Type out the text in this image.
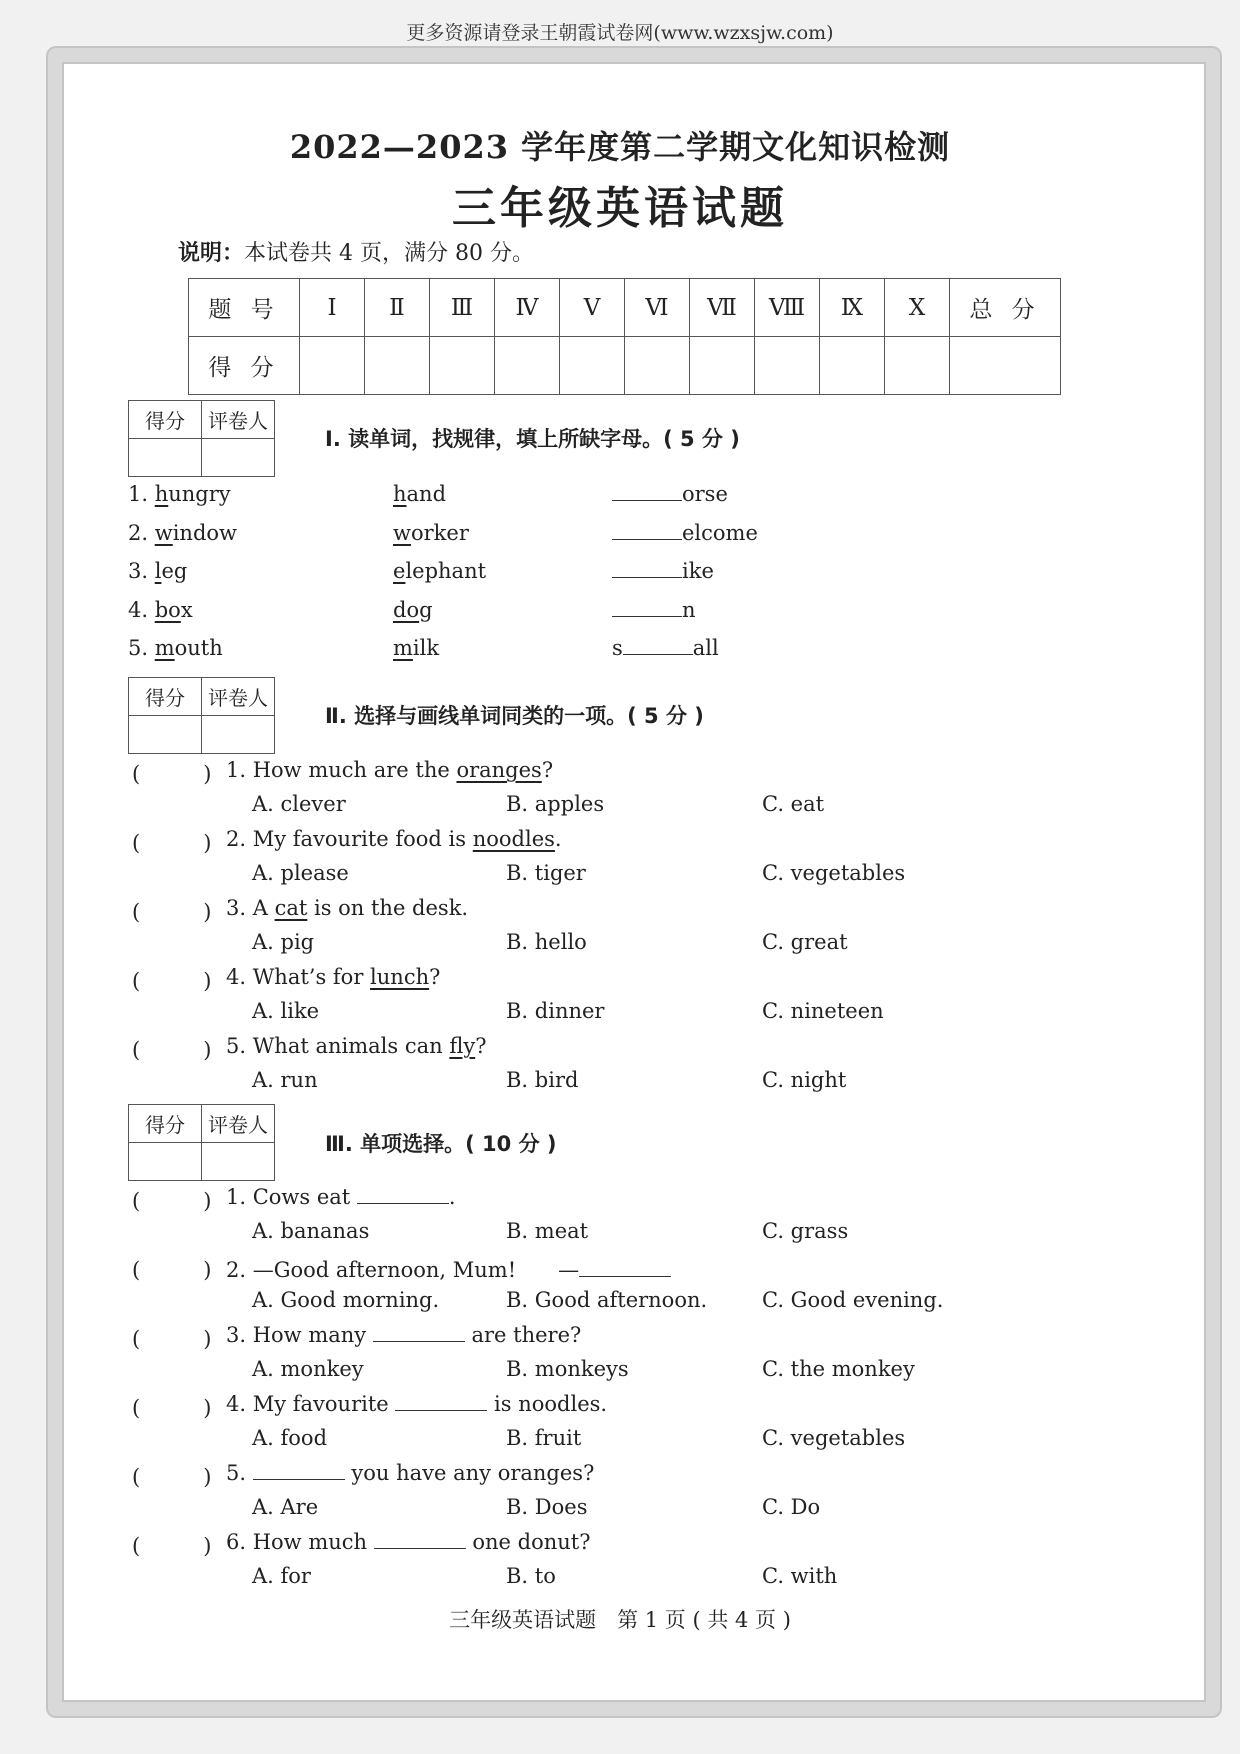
更多资源请登录王朝霞试卷网(www.wzxsjw.com)
2022—2023 学年度第二学期文化知识检测
三年级英语试题
说明：本试卷共 4 页，满分 80 分。
题 号	Ⅰ	Ⅱ	Ⅲ	Ⅳ	Ⅴ	Ⅵ	Ⅶ	Ⅷ	Ⅸ	Ⅹ	总 分
得 分											
得分	评卷人

Ⅰ. 读单词，找规律，填上所缺字母。( 5 分 )
1. hungry	hand	orse
2. window	worker	elcome
3. leg	elephant	ike
4. box	dog	n
5. mouth	milk	s	all
得分	评卷人

Ⅱ. 选择与画线单词同类的一项。( 5 分 )
(　　　) 1. How much are the oranges?
A. clever	B. apples	C. eat
(　　　) 2. My favourite food is noodles.
A. please	B. tiger	C. vegetables
(　　　) 3. A cat is on the desk.
A. pig	B. hello	C. great
(　　　) 4. What’s for lunch?
A. like	B. dinner	C. nineteen
(　　　) 5. What animals can fly?
A. run	B. bird	C. night
得分	评卷人

Ⅲ. 单项选择。( 10 分 )
(　　　) 1. Cows eat	.
A. bananas	B. meat	C. grass
(　　　) 2. —Good afternoon, Mum!　　—
A. Good morning.	B. Good afternoon.	C. Good evening.
(　　　) 3. How many	are there?
A. monkey	B. monkeys	C. the monkey
(　　　) 4. My favourite	is noodles.
A. food	B. fruit	C. vegetables
(　　　) 5.	you have any oranges?
A. Are	B. Does	C. Do
(　　　) 6. How much	one donut?
A. for	B. to	C. with
三年级英语试题　第 1 页 ( 共 4 页 )
